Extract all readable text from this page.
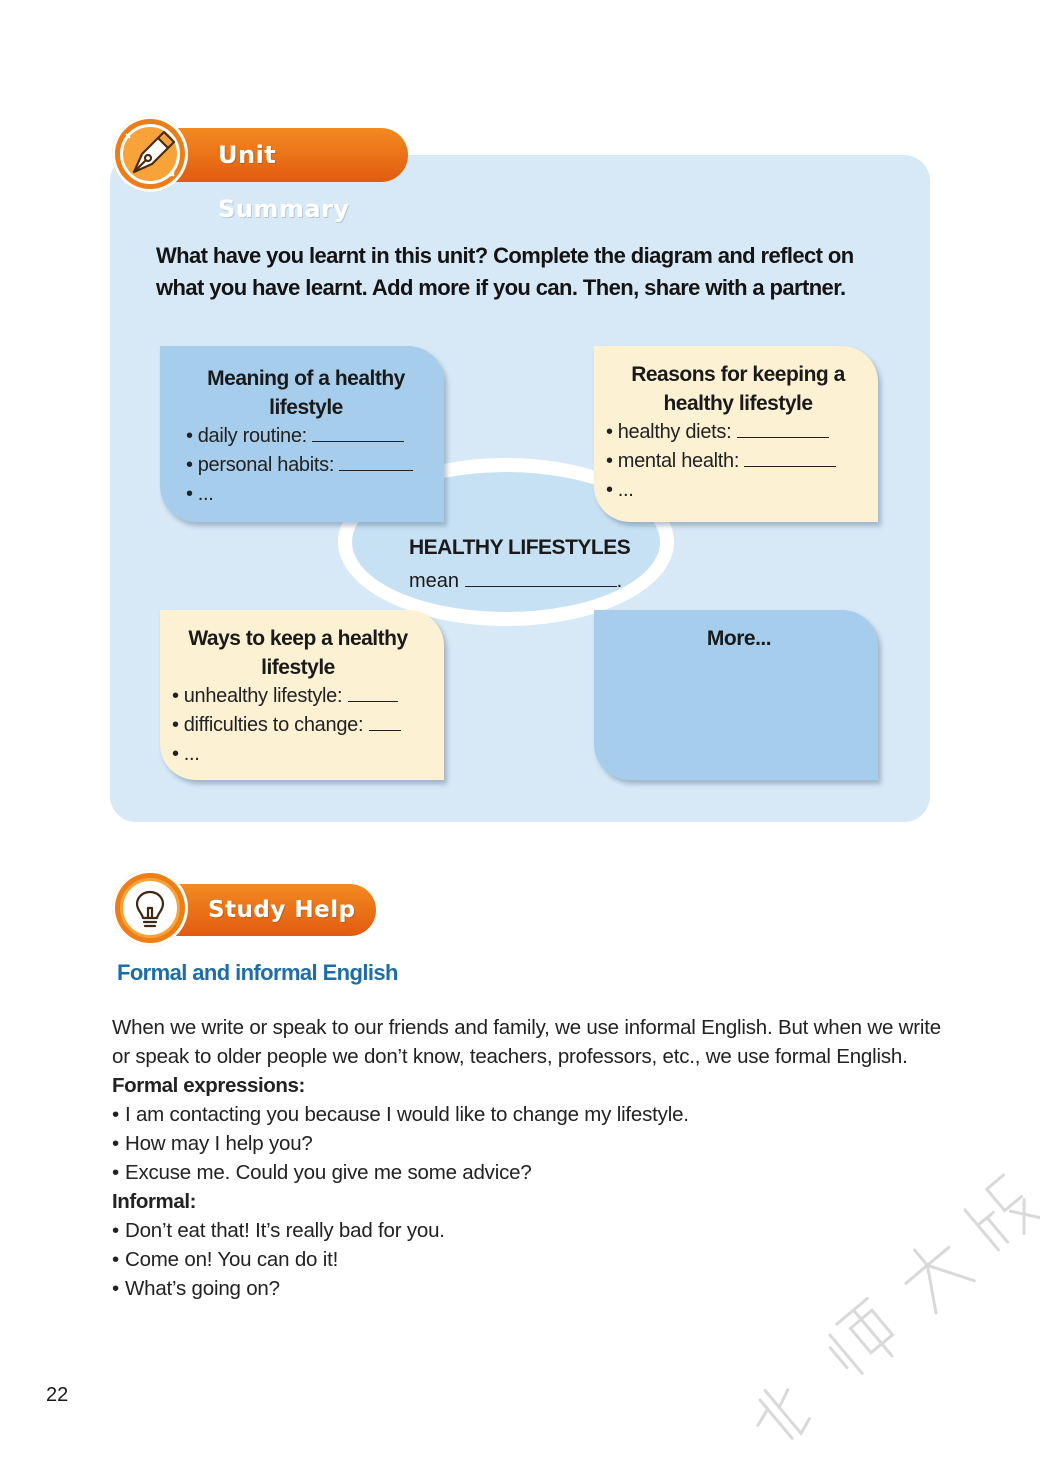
Unit Summary
What have you learnt in this unit? Complete the diagram and reflect on what you have learnt. Add more if you can. Then, share with a partner.
HEALTHY LIFESTYLES
mean	.
Meaning of a healthy lifestyle
• daily routine:
• personal habits:
• ...
Reasons for keeping a healthy lifestyle
• healthy diets:
• mental health:
• ...
Ways to keep a healthy lifestyle
• unhealthy lifestyle:
• difficulties to change:
• ...
More...
Study Help
Formal and informal English

When we write or speak to our friends and family, we use informal English. But when we write or speak to older people we don’t know, teachers, professors, etc., we use formal English.

Formal expressions:
• I am contacting you because I would like to change my lifestyle.
• How may I help you?
• Excuse me. Could you give me some advice?
Informal:
• Don’t eat that! It’s really bad for you.
• Come on! You can do it!
• What’s going on?
22
